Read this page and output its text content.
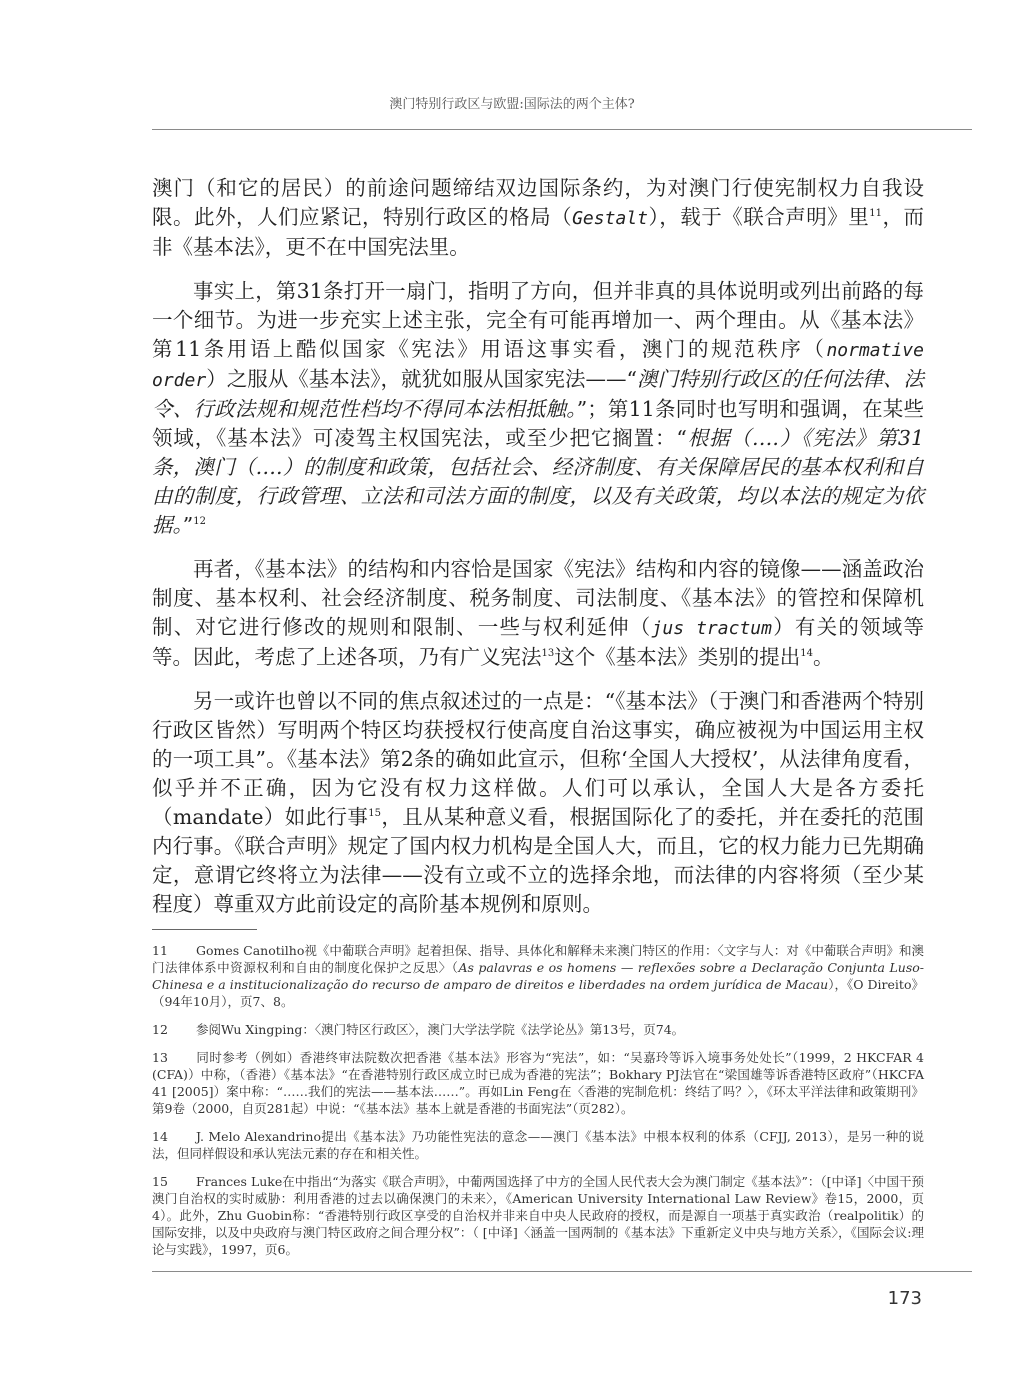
澳门特别行政区与欧盟:国际法的两个主体?

澳门（和它的居民）的前途问题缔结双边国际条约，为对澳门行使宪制权力自我设限。此外，人们应紧记，特别行政区的格局（Gestalt），载于《联合声明》里$^{11}$，而非《基本法》，更不在中国宪法里。

事实上，第31条打开一扇门，指明了方向，但并非真的具体说明或列出前路的每一个细节。为进一步充实上述主张，完全有可能再增加一、两个理由。从《基本法》第11条用语上酷似国家《宪法》用语这事实看，澳门的规范秩序（normative order）之服从《基本法》，就犹如服从国家宪法——“澳门特别行政区的任何法律、法令、行政法规和规范性档均不得同本法相抵触。”；第11条同时也写明和强调，在某些领域，《基本法》可凌驾主权国宪法，或至少把它搁置：“根据（….）《宪法》第31条，澳门（….）的制度和政策，包括社会、经济制度、有关保障居民的基本权利和自由的制度，行政管理、立法和司法方面的制度，以及有关政策，均以本法的规定为依据。”$^{12}$

再者，《基本法》的结构和内容恰是国家《宪法》结构和内容的镜像——涵盖政治制度、基本权利、社会经济制度、税务制度、司法制度、《基本法》的管控和保障机制、对它进行修改的规则和限制、一些与权利延伸（jus tractum）有关的领域等等。因此，考虑了上述各项，乃有广义宪法$^{13}$这个《基本法》类别的提出$^{14}$。

另一或许也曾以不同的焦点叙述过的一点是：“《基本法》（于澳门和香港两个特别行政区皆然）写明两个特区均获授权行使高度自治这事实，确应被视为中国运用主权的一项工具”。《基本法》第2条的确如此宣示，但称‘全国人大授权’，从法律角度看，似乎并不正确，因为它没有权力这样做。人们可以承认，全国人大是各方委托（mandate）如此行事$^{15}$，且从某种意义看，根据国际化了的委托，并在委托的范围内行事。《联合声明》规定了国内权力机构是全国人大，而且，它的权力能力已先期确定，意谓它终将立为法律——没有立或不立的选择余地，而法律的内容将须（至少某程度）尊重双方此前设定的高阶基本规例和原则。

11 Gomes Canotilho视《中葡联合声明》起着担保、指导、具体化和解释未来澳门特区的作用：〈文字与人：对《中葡联合声明》和澳门法律体系中资源权利和自由的制度化保护之反思〉（As palavras e os homens — reflexões sobre a Declaração Conjunta Luso-Chinesa e a institucionalização do recurso de amparo de direitos e liberdades na ordem jurídica de Macau），《O Direito》（94年10月），页7、8。
12 参阅Wu Xingping：〈澳门特区行政区〉，澳门大学法学院《法学论丛》第13号，页74。
13 同时参考（例如）香港终审法院数次把香港《基本法》形容为“宪法”，如：“吴嘉玲等诉入境事务处处长”（1999，2 HKCFAR 4 (CFA)）中称，（香港）《基本法》“在香港特别行政区成立时已成为香港的宪法”；Bokhary PJ法官在“梁国雄等诉香港特区政府”（HKCFA 41 [2005]）案中称：“……我们的宪法——基本法……”。再如Lin Feng在〈香港的宪制危机：终结了吗？〉，《环太平洋法律和政策期刊》第9卷（2000，自页281起）中说：“《基本法》基本上就是香港的书面宪法”（页282）。
14 J. Melo Alexandrino提出《基本法》乃功能性宪法的意念——澳门《基本法》中根本权利的体系（CFJJ, 2013），是另一种的说法，但同样假设和承认宪法元素的存在和相关性。
15 Frances Luke在中指出“为落实《联合声明》，中葡两国选择了中方的全国人民代表大会为澳门制定《基本法》”：（[中译]〈中国干预澳门自治权的实时威胁：利用香港的过去以确保澳门的未来〉，《American University International Law Review》卷15，2000，页 4）。此外，Zhu Guobin称：“香港特别行政区享受的自治权并非来自中央人民政府的授权，而是源自一项基于真实政治（realpolitik）的国际安排，以及中央政府与澳门特区政府之间合理分权”：（ [中译]〈涵盖一国两制的《基本法》下重新定义中央与地方关系〉，《国际会议:理论与实践》，1997，页6。
173
